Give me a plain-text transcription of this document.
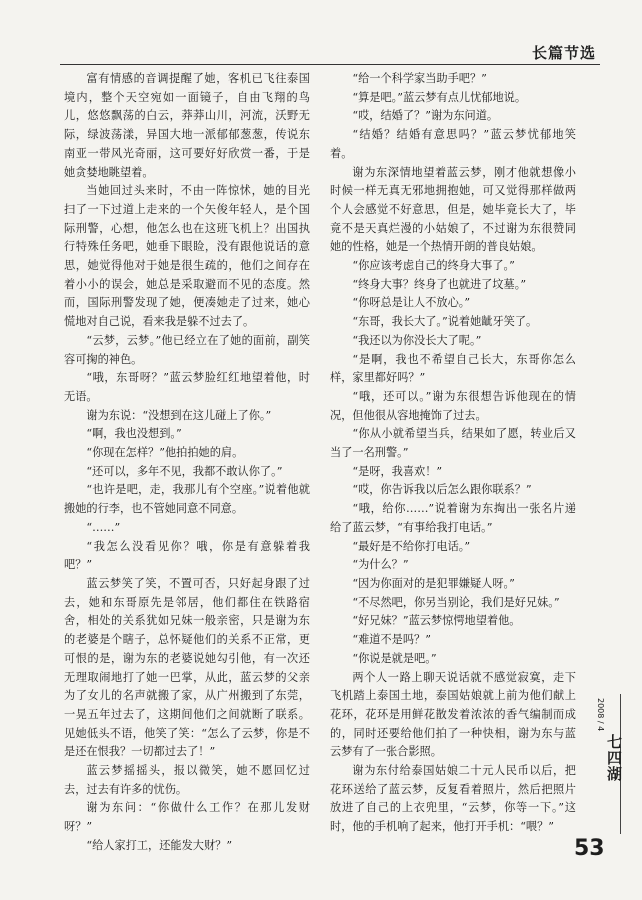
长篇节选

富有情感的音调提醒了她，客机已飞往泰国境内，整个天空宛如一面镜子，自由飞翔的鸟儿，悠悠飘荡的白云，莽莽山川，河流，沃野无际，绿波荡漾，异国大地一派郁郁葱葱，传说东南亚一带风光奇丽，这可要好好欣赏一番，于是她贪婪地眺望着。

当她回过头来时，不由一阵惊怵，她的目光扫了一下过道上走来的一个矢俊年轻人，是个国际刑警，心想，他怎么也在这班飞机上？出国执行特殊任务吧，她垂下眼睑，没有跟他说话的意思，她觉得他对于她是很生疏的，他们之间存在着小小的误会，她总是采取避而不见的态度。然而，国际刑警发现了她，便凑她走了过来，她心慌地对自己说，看来我是躲不过去了。

“云梦，云梦。”他已经立在了她的面前，副笑容可掬的神色。

“哦，东哥呀？”蓝云梦脸红红地望着他，时无语。

谢为东说：“没想到在这儿碰上了你。”

“啊，我也没想到。”

“你现在怎样？”他拍拍她的肩。

“还可以，多年不见，我都不敢认你了。”

“也许是吧，走，我那儿有个空座。”说着他就搬她的行李，也不管她同意不同意。

“……”

“我怎么没看见你？哦，你是有意躲着我吧？”

蓝云梦笑了笑，不置可否，只好起身跟了过去，她和东哥原先是邻居，他们都住在铁路宿舍，相处的关系犹如兄妹一般亲密，只是谢为东的老婆是个瞎子，总怀疑他们的关系不正常，更可恨的是，谢为东的老婆说她勾引他，有一次还无理取闹地打了她一巴掌，从此，蓝云梦的父亲为了女儿的名声就搬了家，从广州搬到了东莞，一晃五年过去了，这期间他们之间就断了联系。见她低头不语，他笑了笑：“怎么了云梦，你是不是还在恨我？一切都过去了！”

蓝云梦摇摇头，报以微笑，她不愿回忆过去，过去有许多的忧伤。

谢为东问：“你做什么工作？在那儿发财呀？”

“给人家打工，还能发大财？”

“给一个科学家当助手吧？”

“算是吧。”蓝云梦有点儿忧郁地说。

“哎，结婚了？”谢为东问道。

“结婚？结婚有意思吗？”蓝云梦忧郁地笑着。

谢为东深情地望着蓝云梦，刚才他就想像小时候一样无真无邪地拥抱她，可又觉得那样做两个人会感觉不好意思，但是，她毕竟长大了，毕竟不是天真烂漫的小姑娘了，不过谢为东很赞同她的性格，她是一个热情开朗的普良姑娘。

“你应该考虑自己的终身大事了。”

“终身大事？终身了也就进了坟墓。”

“你呀总是让人不放心。”

“东哥，我长大了。”说着她龇牙笑了。

“我还以为你没长大了呢。”

“是啊，我也不希望自己长大，东哥你怎么样，家里都好吗？”

“哦，还可以。”谢为东很想告诉他现在的情况，但他很从容地掩饰了过去。

“你从小就希望当兵，结果如了愿，转业后又当了一名刑警。”

“是呀，我喜欢！”

“哎，你告诉我以后怎么跟你联系？”

“哦，给你……”说着谢为东掏出一张名片递给了蓝云梦，“有事给我打电话。”

“最好是不给你打电话。”

“为什么？”

“因为你面对的是犯罪嫌疑人呀。”

“不尽然吧，你另当别论，我们是好兄妹。”

“好兄妹？”蓝云梦惊愕地望着他。

“难道不是吗？”

“你说是就是吧。”

两个人一路上聊天说话就不感觉寂寞，走下飞机踏上泰国土地，泰国姑娘就上前为他们献上花环，花环是用鲜花散发着浓浓的香气编制而成的，同时还要给他们拍了一种快相，谢为东与蓝云梦有了一张合影照。

谢为东付给泰国姑娘二十元人民币以后，把花环送给了蓝云梦，反复看着照片，然后把照片放进了自己的上衣兜里，“云梦，你等一下。”这时，他的手机响了起来，他打开手机：“喂？”

2008 / 4
七四湖
53
